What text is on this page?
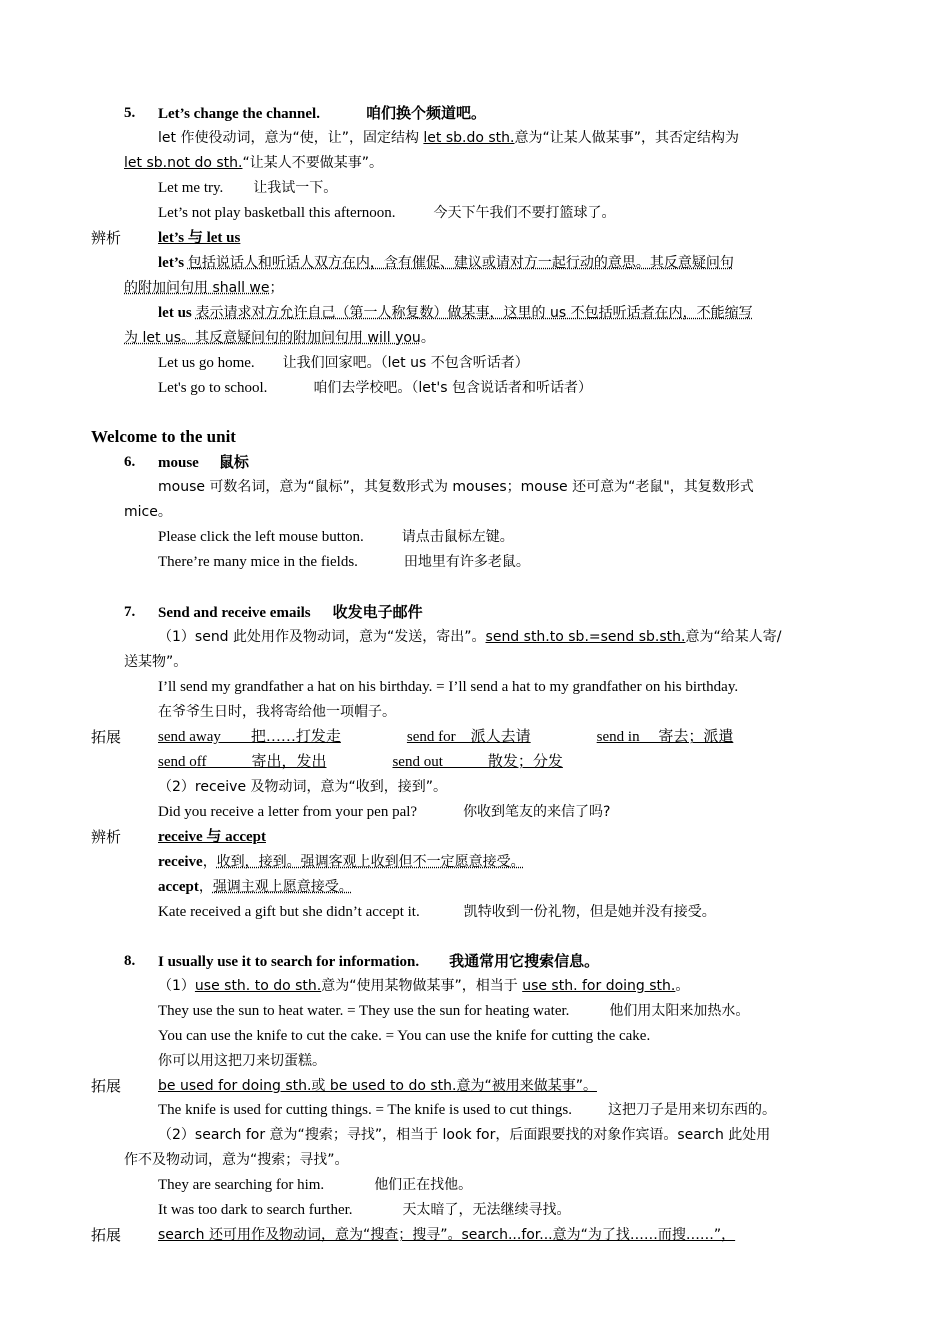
5. Let’s change the channel.	咱们换个频道吧。
let 作使役动词，意为“使，让”，固定结构 let sb.do sth.意为“让某人做某事”，其否定结构为
let sb.not do sth.“让某人不要做某事”。
Let me try. 让我试一下。
Let’s not play basketball this afternoon.	今天下午我们不要打篮球了。
辨析 let’s 与 let us
let’s 包括说话人和听话人双方在内，含有催促、建议或请对方一起行动的意思。其反意疑问句
的附加问句用 shall we；
let us 表示请求对方允许自己（第一人称复数）做某事，这里的 us 不包括听话者在内，不能缩写
为 let us。其反意疑问句的附加问句用 will you。
Let us go home. 让我们回家吧。（let us 不包含听话者）
Let's go to school.	咱们去学校吧。（let's 包含说话者和听话者）
Welcome to the unit
6. mouse 鼠标
mouse 可数名词，意为“鼠标”，其复数形式为 mouses；mouse 还可意为“老鼠"，其复数形式
mice。
Please click the left mouse button.	请点击鼠标左键。
There’re many mice in the fields.	田地里有许多老鼠。
7. Send and receive emails 收发电子邮件
（1）send 此处用作及物动词，意为“发送，寄出”。send sth.to sb.=send sb.sth.意为“给某人寄/
送某物”。
I’ll send my grandfather a hat on his birthday. = I’ll send a hat to my grandfather on his birthday.
在爷爷生日时，我将寄给他一项帽子。
拓展 send away　　把……打发走	send for　派人去请	send in　 寄去；派遣
send off　　　寄出，发出	send out　　　散发；分发
（2）receive 及物动词，意为“收到，接到”。
Did you receive a letter from your pen pal?	你收到笔友的来信了吗?
辨析 receive 与 accept
receive，收到，接到。强调客观上收到但不一定愿意接受。
accept，强调主观上愿意接受。
Kate received a gift but she didn’t accept it.	凯特收到一份礼物，但是她并没有接受。
8. I usually use it to search for information. 我通常用它搜索信息。
（1）use sth. to do sth.意为“使用某物做某事”，相当于 use sth. for doing sth.。
They use the sun to heat water. = They use the sun for heating water.	他们用太阳来加热水。
You can use the knife to cut the cake. = You can use the knife for cutting the cake.
你可以用这把刀来切蛋糕。
拓展	be used for doing sth.或 be used to do sth.意为“被用来做某事”。
The knife is used for cutting things. = The knife is used to cut things.	这把刀子是用来切东西的。
（2）search for 意为“搜索；寻找”，相当于 look for，后面跟要找的对象作宾语。search 此处用
作不及物动词，意为“搜索；寻找”。
They are searching for him.	他们正在找他。
It was too dark to search further.	天太暗了，无法继续寻找。
拓展	search 还可用作及物动词，意为“搜查；搜寻”。search...for...意为“为了找……而搜……”，
